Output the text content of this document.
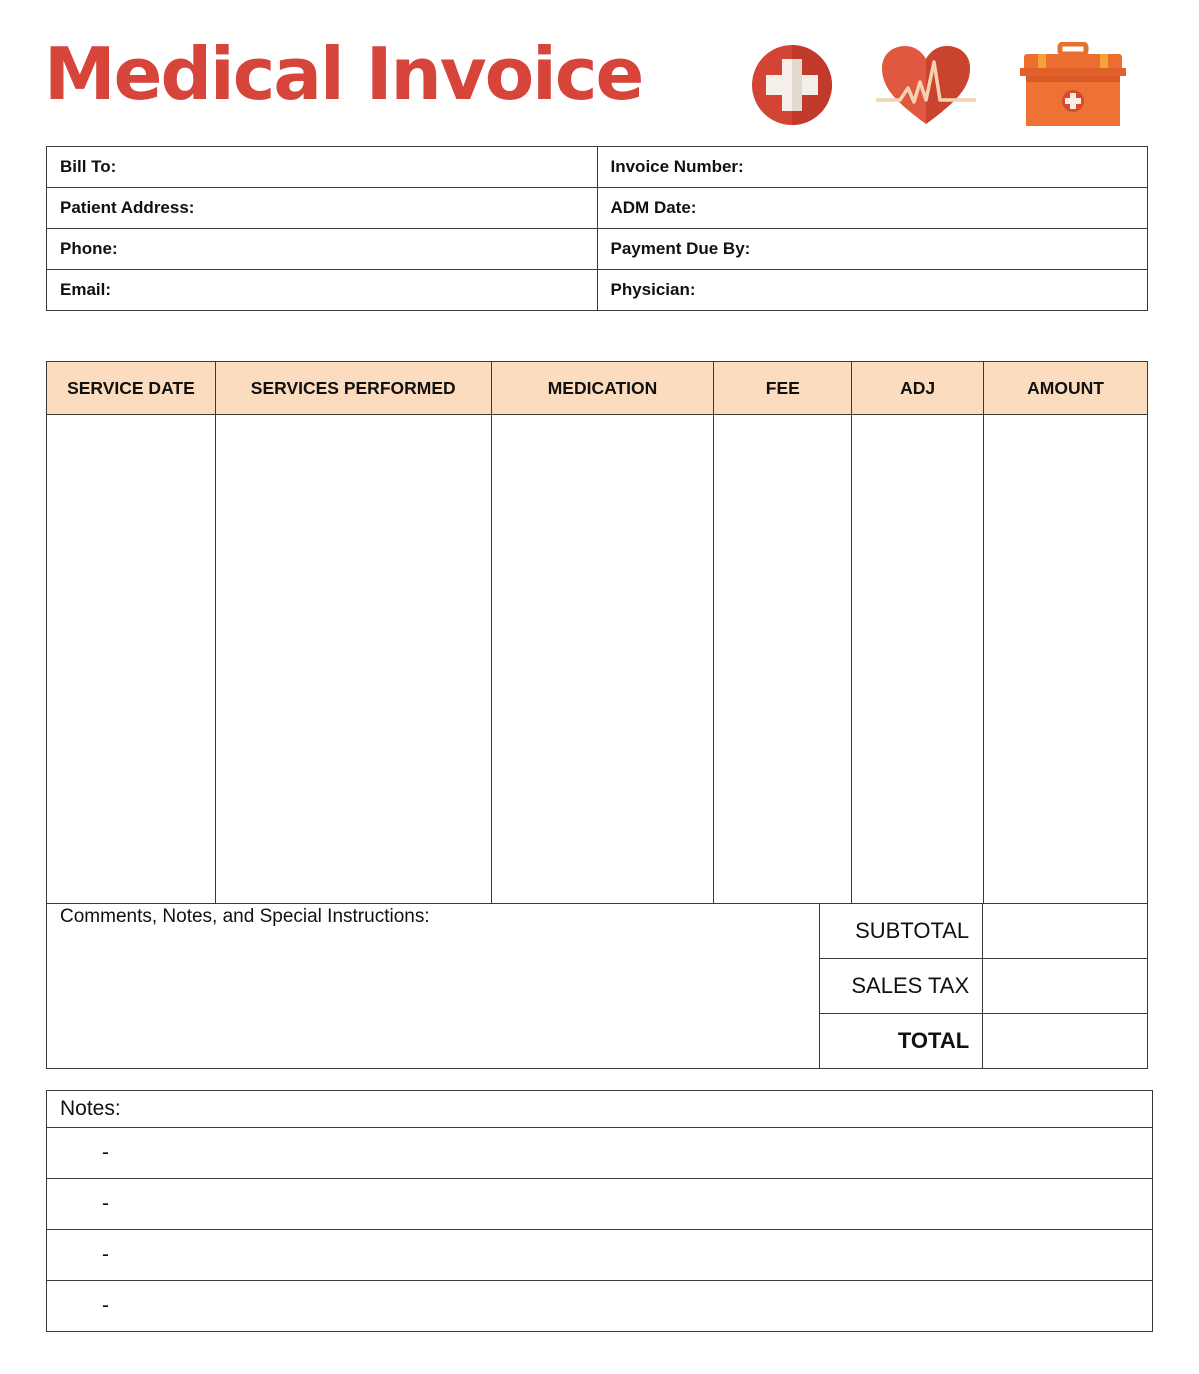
Medical Invoice
Bill To:	Invoice Number:
Patient Address:	ADM Date:
Phone:	Payment Due By:
Email:	Physician:
SERVICE DATE	SERVICES PERFORMED	MEDICATION	FEE	ADJ	AMOUNT

Comments, Notes, and Special Instructions:	SUBTOTAL	
	SALES TAX	
	TOTAL	
Notes:
-
-
-
-
